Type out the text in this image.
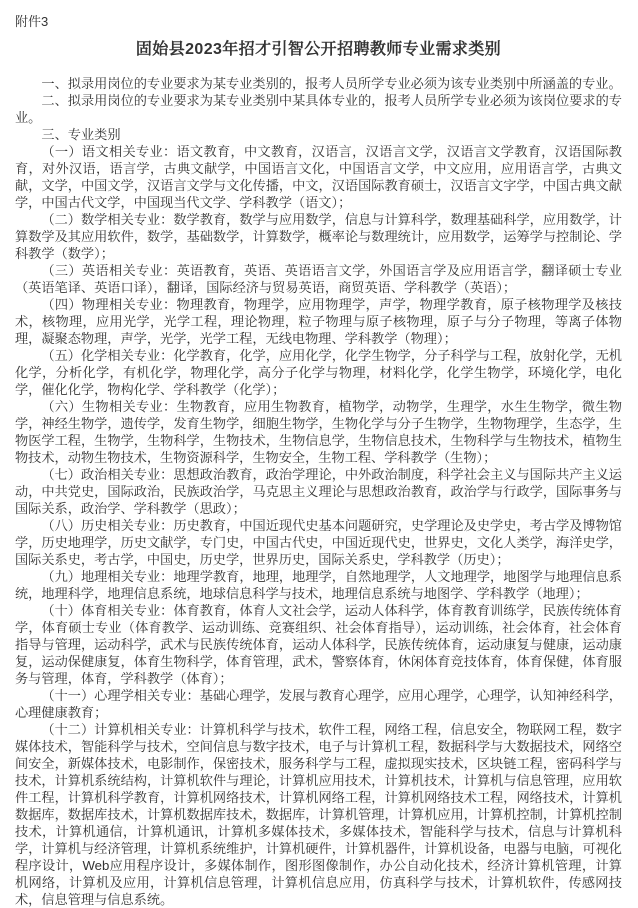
附件3
固始县2023年招才引智公开招聘教师专业需求类别

一、拟录用岗位的专业要求为某专业类别的，报考人员所学专业必须为该专业类别中所涵盖的专业。

二、拟录用岗位的专业要求为某专业类别中某具体专业的，报考人员所学专业必须为该岗位要求的专业。

三、专业类别

（一）语文相关专业：语文教育，中文教育，汉语言，汉语言文学，汉语言文学教育，汉语国际教育，对外汉语，语言学，古典文献学，中国语言文化，中国语言文学，中文应用，应用语言学，古典文献，文学，中国文学，汉语言文学与文化传播，中文，汉语国际教育硕士，汉语言文字学，中国古典文献学，中国古代文学，中国现当代文学、学科教学（语文）；

（二）数学相关专业：数学教育，数学与应用数学，信息与计算科学，数理基础科学，应用数学，计算数学及其应用软件，数学，基础数学，计算数学，概率论与数理统计，应用数学，运筹学与控制论、学科教学（数学）；

（三）英语相关专业：英语教育，英语、英语语言文学，外国语言学及应用语言学，翻译硕士专业（英语笔译、英语口译），翻译，国际经济与贸易英语，商贸英语、学科教学（英语）；

（四）物理相关专业：物理教育，物理学，应用物理学，声学，物理学教育，原子核物理学及核技术，核物理，应用光学，光学工程，理论物理，粒子物理与原子核物理，原子与分子物理，等离子体物理，凝聚态物理，声学，光学，光学工程，无线电物理、学科教学（物理）；

（五）化学相关专业：化学教育，化学，应用化学，化学生物学，分子科学与工程，放射化学，无机化学，分析化学，有机化学，物理化学，高分子化学与物理，材料化学，化学生物学，环境化学，电化学，催化化学，物构化学、学科教学（化学）；

（六）生物相关专业：生物教育，应用生物教育，植物学，动物学，生理学，水生生物学，微生物学，神经生物学，遗传学，发育生物学，细胞生物学，生物化学与分子生物学，生物物理学，生态学，生物医学工程，生物学，生物科学，生物技术，生物信息学，生物信息技术，生物科学与生物技术，植物生物技术，动物生物技术，生物资源科学，生物安全，生物工程、学科教学（生物）；

（七）政治相关专业：思想政治教育，政治学理论，中外政治制度，科学社会主义与国际共产主义运动，中共党史，国际政治，民族政治学，马克思主义理论与思想政治教育，政治学与行政学，国际事务与国际关系，政治学、学科教学（思政）；

（八）历史相关专业：历史教育，中国近现代史基本问题研究，史学理论及史学史，考古学及博物馆学，历史地理学，历史文献学，专门史，中国古代史，中国近现代史，世界史，文化人类学，海洋史学，国际关系史，考古学，中国史，历史学，世界历史，国际关系史，学科教学（历史）；

（九）地理相关专业：地理学教育，地理，地理学，自然地理学，人文地理学，地图学与地理信息系统，地理科学，地理信息系统，地球信息科学与技术，地理信息系统与地图学、学科教学（地理）；

（十）体育相关专业：体育教育，体育人文社会学，运动人体科学，体育教育训练学，民族传统体育学，体育硕士专业（体育教学、运动训练、竞赛组织、社会体育指导），运动训练，社会体育，社会体育指导与管理，运动科学，武术与民族传统体育，运动人体科学，民族传统体育，运动康复与健康，运动康复，运动保健康复，体育生物科学，体育管理，武术，警察体育，休闲体育竞技体育，体育保健，体育服务与管理，体育，学科教学（体育）；

（十一）心理学相关专业：基础心理学，发展与教育心理学，应用心理学，心理学，认知神经科学，心理健康教育；

（十二）计算机相关专业：计算机科学与技术，软件工程，网络工程，信息安全，物联网工程，数字媒体技术，智能科学与技术，空间信息与数字技术，电子与计算机工程，数据科学与大数据技术，网络空间安全，新媒体技术，电影制作，保密技术，服务科学与工程，虚拟现实技术，区块链工程，密码科学与技术，计算机系统结构，计算机软件与理论，计算机应用技术，计算机技术，计算机与信息管理，应用软件工程，计算机科学教育，计算机网络技术，计算机网络工程，计算机网络技术工程，网络技术，计算机数据库，数据库技术，计算机数据库技术，数据库，计算机管理，计算机应用，计算机控制，计算机控制技术，计算机通信，计算机通讯，计算机多媒体技术，多媒体技术，智能科学与技术，信息与计算机科学，计算机与经济管理，计算机系统维护，计算机硬件，计算机器件，计算机设备，电器与电脑，可视化程序设计，Web应用程序设计，多媒体制作，图形图像制作，办公自动化技术，经济计算机管理，计算机网络，计算机及应用，计算机信息管理，计算机信息应用，仿真科学与技术，计算机软件，传感网技术，信息管理与信息系统。
